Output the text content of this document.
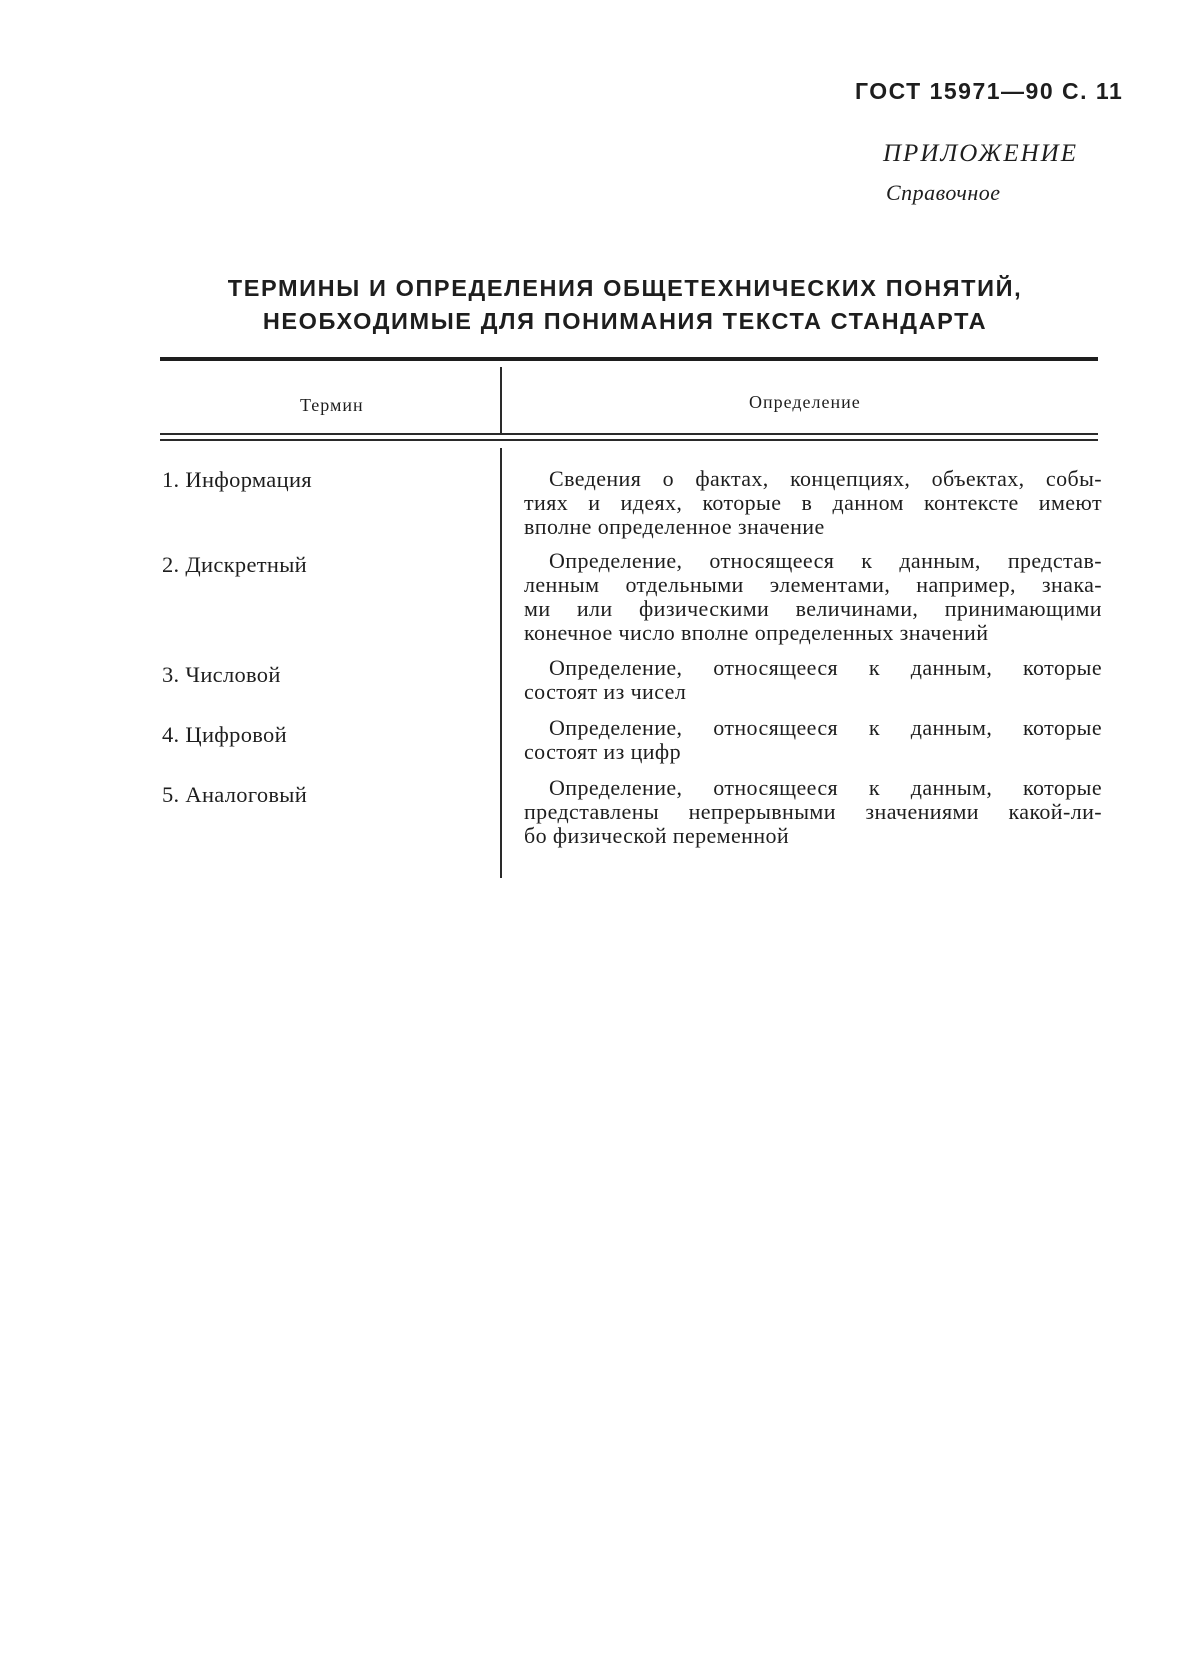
ГОСТ 15971—90 С. 11
ПРИЛОЖЕНИЕ
Справочное
ТЕРМИНЫ И ОПРЕДЕЛЕНИЯ ОБЩЕТЕХНИЧЕСКИХ ПОНЯТИЙ,
НЕОБХОДИМЫЕ ДЛЯ ПОНИМАНИЯ ТЕКСТА СТАНДАРТА
Термин	Определение
1. Информация	Сведения о фактах, концепциях, объектах, собы-
тиях и идеях, которые в данном контексте имеют
вполне определенное значение
2. Дискретный	Определение, относящееся к данным, представ-
ленным отдельными элементами, например, знака-
ми или физическими величинами, принимающими
конечное число вполне определенных значений
3. Числовой	Определение, относящееся к данным, которые
состоят из чисел
4. Цифровой	Определение, относящееся к данным, которые
состоят из цифр
5. Аналоговый	Определение, относящееся к данным, которые
представлены непрерывными значениями какой-ли-
бо физической переменной
